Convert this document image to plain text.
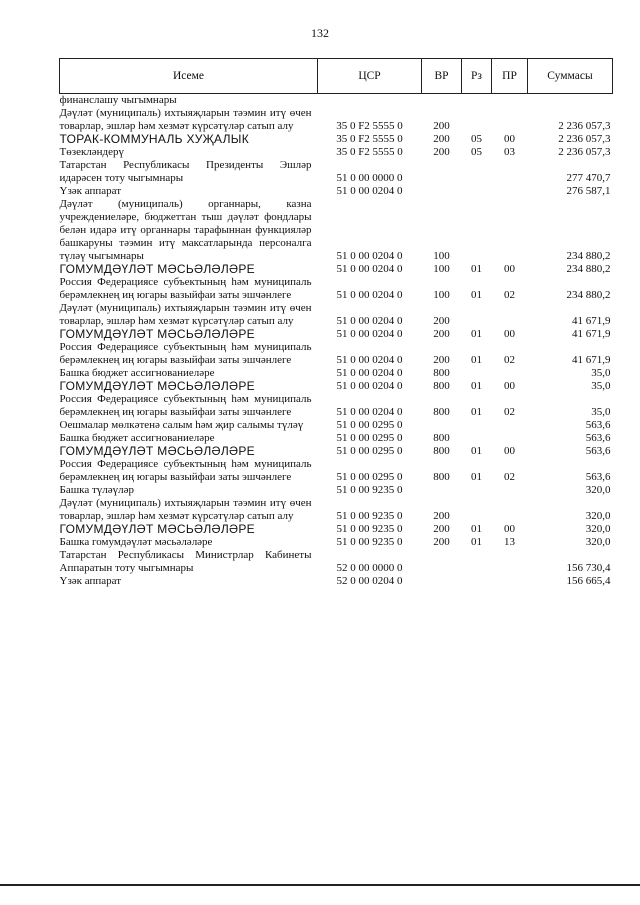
132
Исеме	ЦСР	ВР	Рз	ПР	Суммасы
финанслашу чыгымнары					
Дәүләт (муниципаль) ихтыяҗларын тәэмин итү өчен товарлар, эшләр һәм хезмәт күрсәтүләр сатып алу	35 0 F2 5555 0	200			2 236 057,3
ТОРАК-КОММУНАЛЬ ХУҖАЛЫК	35 0 F2 5555 0	200	05	00	2 236 057,3
Төзекләндерү	35 0 F2 5555 0	200	05	03	2 236 057,3
Татарстан Республикасы Президенты Эшләр идарәсен тоту чыгымнары	51 0 00 0000 0				277 470,7
Үзәк аппарат	51 0 00 0204 0				276 587,1
Дәүләт (муниципаль) органнары, казна учреждениеләре, бюджеттан тыш дәүләт фондлары белән идарә итү органнары тарафыннан функцияләр башкаруны тәэмин итү максатларында персоналга түләү чыгымнары	51 0 00 0204 0	100			234 880,2
ГОМУМДӘҮЛӘТ МӘСЬӘЛӘЛӘРЕ	51 0 00 0204 0	100	01	00	234 880,2
Россия Федерациясе субъектының һәм муниципаль берәмлекнең иң югары вазыйфаи заты эшчәнлеге	51 0 00 0204 0	100	01	02	234 880,2
Дәүләт (муниципаль) ихтыяҗларын тәэмин итү өчен товарлар, эшләр һәм хезмәт күрсәтүләр сатып алу	51 0 00 0204 0	200			41 671,9
ГОМУМДӘҮЛӘТ МӘСЬӘЛӘЛӘРЕ	51 0 00 0204 0	200	01	00	41 671,9
Россия Федерациясе субъектының һәм муниципаль берәмлекнең иң югары вазыйфаи заты эшчәнлеге	51 0 00 0204 0	200	01	02	41 671,9
Башка бюджет ассигнованиеләре	51 0 00 0204 0	800			35,0
ГОМУМДӘҮЛӘТ МӘСЬӘЛӘЛӘРЕ	51 0 00 0204 0	800	01	00	35,0
Россия Федерациясе субъектының һәм муниципаль берәмлекнең иң югары вазыйфаи заты эшчәнлеге	51 0 00 0204 0	800	01	02	35,0
Оешмалар мөлкәтенә салым һәм җир салымы түләү	51 0 00 0295 0				563,6
Башка бюджет ассигнованиеләре	51 0 00 0295 0	800			563,6
ГОМУМДӘҮЛӘТ МӘСЬӘЛӘЛӘРЕ	51 0 00 0295 0	800	01	00	563,6
Россия Федерациясе субъектының һәм муниципаль берәмлекнең иң югары вазыйфаи заты эшчәнлеге	51 0 00 0295 0	800	01	02	563,6
Башка түләүләр	51 0 00 9235 0				320,0
Дәүләт (муниципаль) ихтыяҗларын тәэмин итү өчен товарлар, эшләр һәм хезмәт күрсәтүләр сатып алу	51 0 00 9235 0	200			320,0
ГОМУМДӘҮЛӘТ МӘСЬӘЛӘЛӘРЕ	51 0 00 9235 0	200	01	00	320,0
Башка гомумдәүләт мәсьәләләре	51 0 00 9235 0	200	01	13	320,0
Татарстан Республикасы Министрлар Кабинеты Аппаратын тоту чыгымнары	52 0 00 0000 0				156 730,4
Үзәк аппарат	52 0 00 0204 0				156 665,4
